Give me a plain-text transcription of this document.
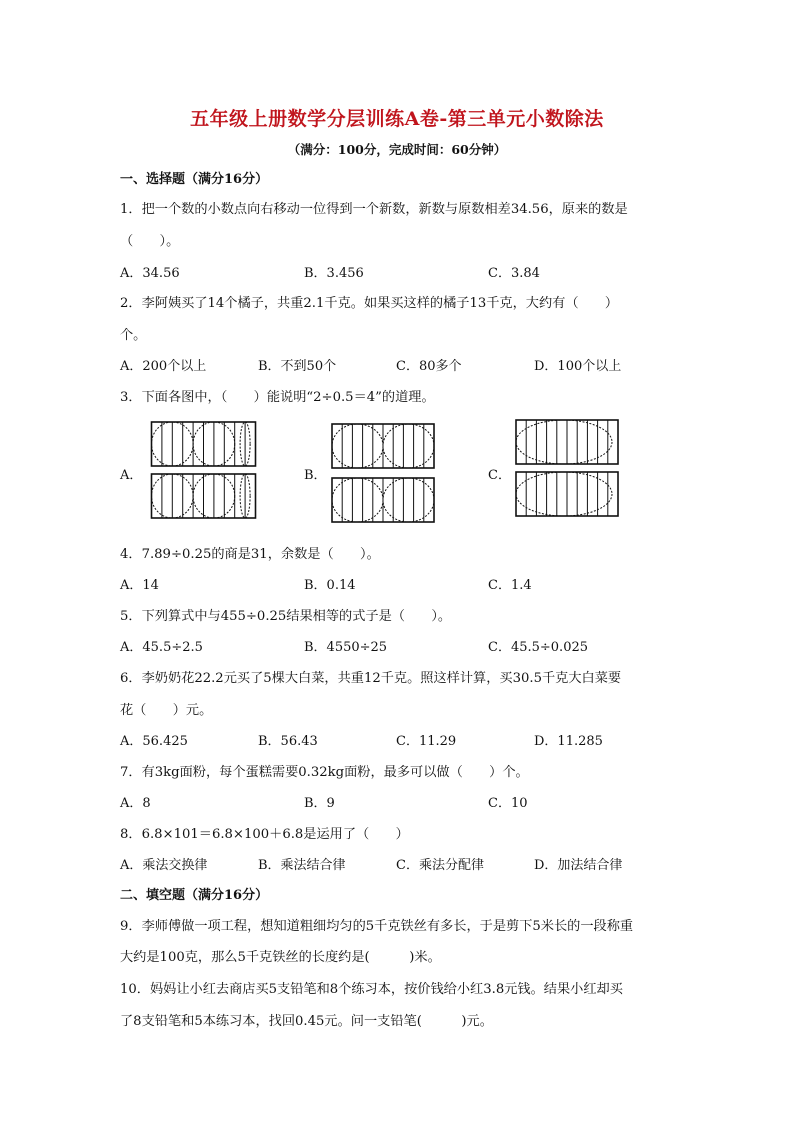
五年级上册数学分层训练A卷-第三单元小数除法
（满分：100分，完成时间：60分钟）
一、选择题（满分16分）
1．把一个数的小数点向右移动一位得到一个新数，新数与原数相差34.56，原来的数是
（　　）。
A．34.56	B．3.456	C．3.84
2．李阿姨买了14个橘子，共重2.1千克。如果买这样的橘子13千克，大约有（　　）
个。
A．200个以上	B．不到50个	C．80多个	D．100个以上
3．下面各图中，（　　）能说明“2÷0.5＝4”的道理。
A．	B．	C．
4．7.89÷0.25的商是31，余数是（　　）。
A．14	B．0.14	C．1.4
5．下列算式中与455÷0.25结果相等的式子是（　　）。
A．45.5÷2.5	B．4550÷25	C．45.5÷0.025
6．李奶奶花22.2元买了5棵大白菜，共重12千克。照这样计算，买30.5千克大白菜要
花（　　）元。
A．56.425	B．56.43	C．11.29	D．11.285
7．有3kg面粉，每个蛋糕需要0.32kg面粉，最多可以做（　　）个。
A．8	B．9	C．10
8．6.8×101＝6.8×100＋6.8是运用了（　　）
A．乘法交换律	B．乘法结合律	C．乘法分配律	D．加法结合律
二、填空题（满分16分）
9．李师傅做一项工程，想知道粗细均匀的5千克铁丝有多长，于是剪下5米长的一段称重
大约是100克，那么5千克铁丝的长度约是(　　　)米。
10．妈妈让小红去商店买5支铅笔和8个练习本，按价钱给小红3.8元钱。结果小红却买
了8支铅笔和5本练习本，找回0.45元。问一支铅笔(　　　)元。
